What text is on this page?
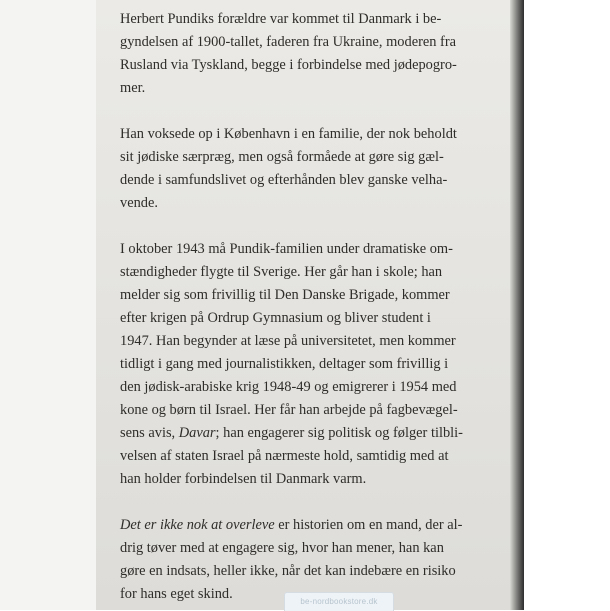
Herbert Pundiks forældre var kommet til Danmark i be-
gyndelsen af 1900-tallet, faderen fra Ukraine, moderen fra
Rusland via Tyskland, begge i forbindelse med jødepogro-
mer.

Han voksede op i København i en familie, der nok beholdt
sit jødiske særpræg, men også formåede at gøre sig gæl-
dende i samfundslivet og efterhånden blev ganske velha-
vende.

I oktober 1943 må Pundik-familien under dramatiske om-
stændigheder flygte til Sverige. Her går han i skole; han
melder sig som frivillig til Den Danske Brigade, kommer
efter krigen på Ordrup Gymnasium og bliver student i
1947. Han begynder at læse på universitetet, men kommer
tidligt i gang med journalistikken, deltager som frivillig i
den jødisk-arabiske krig 1948-49 og emigrerer i 1954 med
kone og børn til Israel. Her får han arbejde på fagbevægel-
sens avis, Davar; han engagerer sig politisk og følger tilbli-
velsen af staten Israel på nærmeste hold, samtidig med at
han holder forbindelsen til Danmark varm.

Det er ikke nok at overleve er historien om en mand, der al-
drig tøver med at engagere sig, hvor han mener, han kan
gøre en indsats, heller ikke, når det kan indebære en risiko
for hans eget skind.	be-nordbookstore.dk
